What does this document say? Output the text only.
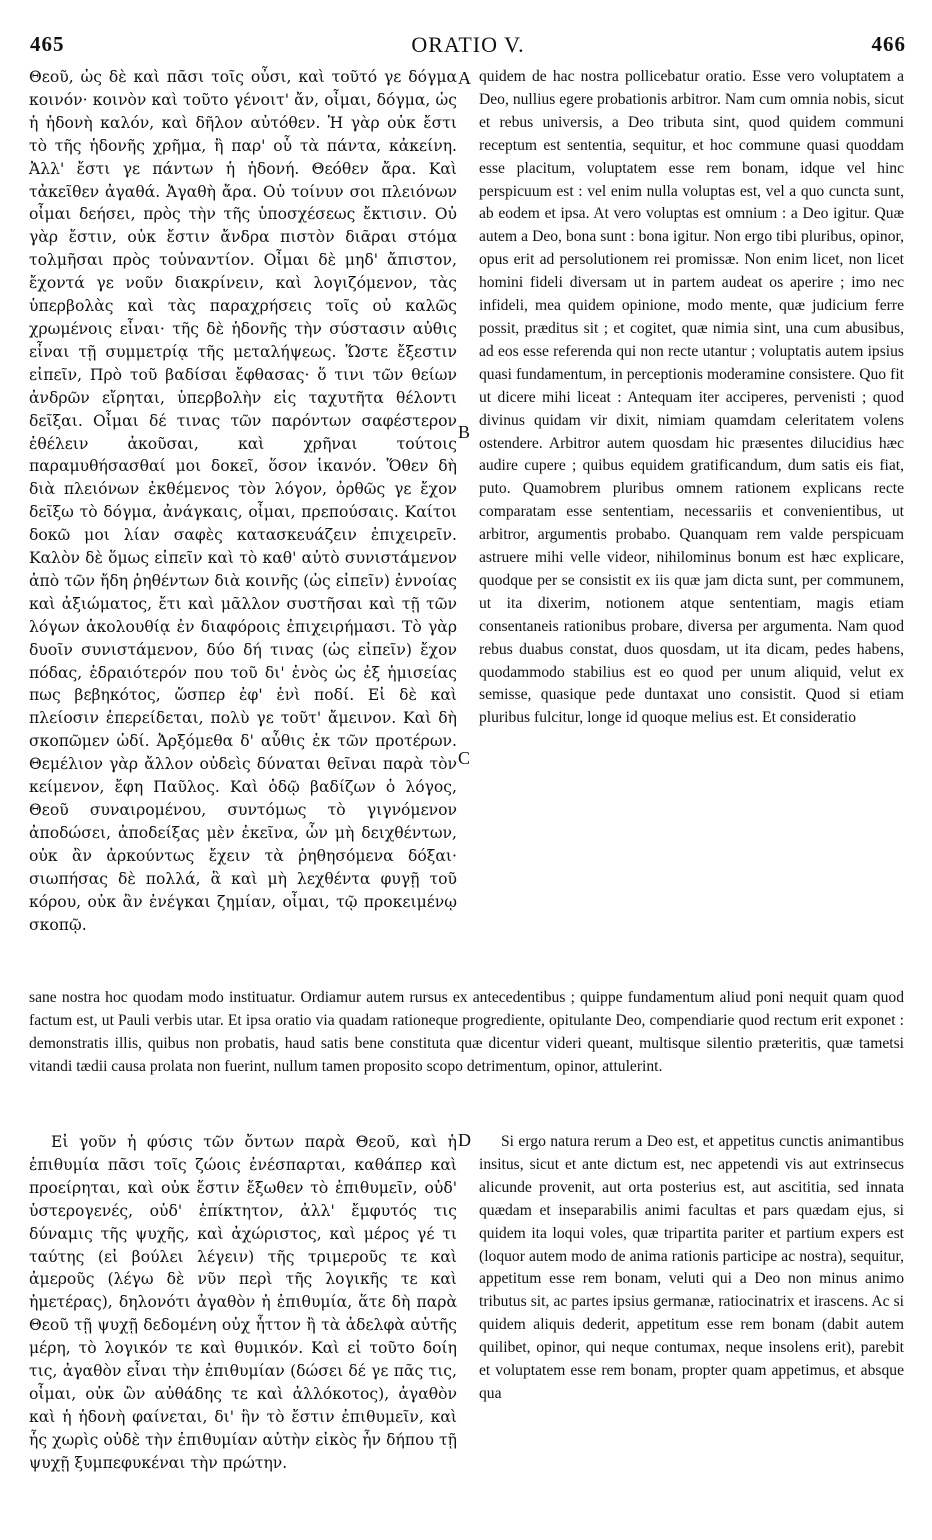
465	ORATIO V.	466

Θεοῦ, ὡς δὲ καὶ πᾶσι τοῖς οὖσι, καὶ τοῦτό γε δόγμα κοινόν· κοινὸν καὶ τοῦτο γένοιτ' ἄν, οἶμαι, δόγμα, ὡς ἡ ἡδονὴ καλόν, καὶ δῆλον αὐτόθεν. Ἡ γὰρ οὐκ ἔστι τὸ τῆς ἡδονῆς χρῆμα, ἢ παρ' οὗ τὰ πάντα, κἀκείνη. Ἀλλ' ἔστι γε πάντων ἡ ἡδονή. Θεόθεν ἄρα. Καὶ τἀκεῖθεν ἀγαθά. Ἀγαθὴ ἄρα. Οὐ τοίνυν σοι πλειόνων οἶμαι δεήσει, πρὸς τὴν τῆς ὑποσχέσεως ἔκτισιν. Οὐ γὰρ ἔστιν, οὐκ ἔστιν ἄνδρα πιστὸν διᾶραι στόμα τολμῆσαι πρὸς τοὐναντίον. Οἶμαι δὲ μηδ' ἄπιστον, ἔχοντά γε νοῦν διακρίνειν, καὶ λογιζόμενον, τὰς ὑπερβολὰς καὶ τὰς παραχρήσεις τοῖς οὐ καλῶς χρωμένοις εἶναι· τῆς δὲ ἡδονῆς τὴν σύστασιν αὐθις εἶναι τῇ συμμετρίᾳ τῆς μεταλήψεως. Ὥστε ἔξεστιν εἰπεῖν, Πρὸ τοῦ βαδίσαι ἔφθασας· ὅ τινι τῶν θείων ἀνδρῶν εἴρηται, ὑπερβολὴν εἰς ταχυτῆτα θέλοντι δεῖξαι. Οἶμαι δέ τινας τῶν παρόντων σαφέστερον ἐθέλειν ἀκοῦσαι, καὶ χρῆναι τούτοις παραμυθήσασθαί μοι δοκεῖ, ὅσον ἱκανόν. Ὅθεν δὴ διὰ πλειόνων ἐκθέμενος τὸν λόγον, ὀρθῶς γε ἔχον δεῖξω τὸ δόγμα, ἀνάγκαις, οἶμαι, πρεπούσαις. Καίτοι δοκῶ μοι λίαν σαφὲς κατασκευάζειν ἐπιχειρεῖν. Καλὸν δὲ ὅμως εἰπεῖν καὶ τὸ καθ' αὐτὸ συνιστάμενον ἀπὸ τῶν ἤδη ῥηθέντων διὰ κοινῆς (ὡς εἰπεῖν) ἐννοίας καὶ ἀξιώματος, ἔτι καὶ μᾶλλον συστῆσαι καὶ τῇ τῶν λόγων ἀκολουθίᾳ ἐν διαφόροις ἐπιχειρήμασι. Τὸ γὰρ δυοῖν συνιστάμενον, δύο δή τινας (ὡς εἰπεῖν) ἔχον πόδας, ἑδραιότερόν που τοῦ δι' ἑνὸς ὡς ἐξ ἡμισείας πως βεβηκότος, ὥσπερ ἐφ' ἑνὶ ποδί. Εἰ δὲ καὶ πλείοσιν ἐπερείδεται, πολὺ γε τοῦτ' ἄμεινον. Καὶ δὴ σκοπῶμεν ὡδί. Ἀρξόμεθα δ' αὖθις ἐκ τῶν προτέρων. Θεμέλιον γὰρ ἄλλον οὐδεὶς δύναται θεῖναι παρὰ τὸν κείμενον, ἔφη Παῦλος. Καὶ ὁδῷ βαδίζων ὁ λόγος, Θεοῦ συναιρομένου, συντόμως τὸ γιγνόμενον ἀποδώσει, ἀποδείξας μὲν ἐκεῖνα, ὧν μὴ δειχθέντων, οὐκ ἂν ἀρκούντως ἔχειν τὰ ῥηθησόμενα δόξαι· σιωπήσας δὲ πολλά, ἃ καὶ μὴ λεχθέντα φυγῇ τοῦ κόρου, οὐκ ἂν ἐνέγκαι ζημίαν, οἶμαι, τῷ προκειμένῳ σκοπῷ.

A
B
C
D

quidem de hac nostra pollicebatur oratio. Esse vero voluptatem a Deo, nullius egere probationis arbitror. Nam cum omnia nobis, sicut et rebus universis, a Deo tributa sint, quod quidem communi receptum est sententia, sequitur, et hoc commune quasi quoddam esse placitum, voluptatem esse rem bonam, idque vel hinc perspicuum est : vel enim nulla voluptas est, vel a quo cuncta sunt, ab eodem et ipsa. At vero voluptas est omnium : a Deo igitur. Quæ autem a Deo, bona sunt : bona igitur. Non ergo tibi pluribus, opinor, opus erit ad persolutionem rei promissæ. Non enim licet, non licet homini fideli diversam ut in partem audeat os aperire ; imo nec infideli, mea quidem opinione, modo mente, quæ judicium ferre possit, præditus sit ; et cogitet, quæ nimia sint, una cum abusibus, ad eos esse referenda qui non recte utantur ; voluptatis autem ipsius quasi fundamentum, in perceptionis moderamine consistere. Quo fit ut dicere mihi liceat : Antequam iter acciperes, pervenisti ; quod divinus quidam vir dixit, nimiam quamdam celeritatem volens ostendere. Arbitror autem quosdam hic præsentes dilucidius hæc audire cupere ; quibus equidem gratificandum, dum satis eis fiat, puto. Quamobrem pluribus omnem rationem explicans recte comparatam esse sententiam, necessariis et convenientibus, ut arbitror, argumentis probabo. Quanquam rem valde perspicuam astruere mihi velle videor, nihilominus bonum est hæc explicare, quodque per se consistit ex iis quæ jam dicta sunt, per communem, ut ita dixerim, notionem atque sententiam, magis etiam consentaneis rationibus probare, diversa per argumenta. Nam quod rebus duabus constat, duos quosdam, ut ita dicam, pedes habens, quodammodo stabilius est eo quod per unum aliquid, velut ex semisse, quasique pede duntaxat uno consistit. Quod si etiam pluribus fulcitur, longe id quoque melius est. Et consideratio

sane nostra hoc quodam modo instituatur. Ordiamur autem rursus ex antecedentibus ; quippe fundamentum aliud poni nequit quam quod factum est, ut Pauli verbis utar. Et ipsa oratio via quadam rationeque progrediente, opitulante Deo, compendiarie quod rectum erit exponet : demonstratis illis, quibus non probatis, haud satis bene constituta quæ dicentur videri queant, multisque silentio præteritis, quæ tametsi vitandi tædii causa prolata non fuerint, nullum tamen proposito scopo detrimentum, opinor, attulerint.

Εἰ γοῦν ἡ φύσις τῶν ὄντων παρὰ Θεοῦ, καὶ ἡ ἐπιθυμία πᾶσι τοῖς ζώοις ἐνέσπαρται, καθάπερ καὶ προείρηται, καὶ οὐκ ἔστιν ἔξωθεν τὸ ἐπιθυμεῖν, οὐδ' ὑστερογενές, οὐδ' ἐπίκτητον, ἀλλ' ἔμφυτός τις δύναμις τῆς ψυχῆς, καὶ ἀχώριστος, καὶ μέρος γέ τι ταύτης (εἰ βούλει λέγειν) τῆς τριμεροῦς τε καὶ ἀμεροῦς (λέγω δὲ νῦν περὶ τῆς λογικῆς τε καὶ ἡμετέρας), δηλονότι ἀγαθὸν ἡ ἐπιθυμία, ἅτε δὴ παρὰ Θεοῦ τῇ ψυχῇ δεδομένη οὐχ ἧττον ἢ τὰ ἀδελφὰ αὐτῆς μέρη, τὸ λογικόν τε καὶ θυμικόν. Καὶ εἰ τοῦτο δοίη τις, ἀγαθὸν εἶναι τὴν ἐπιθυμίαν (δώσει δέ γε πᾶς τις, οἶμαι, οὐκ ὢν αὐθάδης τε καὶ ἀλλόκοτος), ἀγαθὸν καὶ ἡ ἡδονὴ φαίνεται, δι' ἣν τὸ ἔστιν ἐπιθυμεῖν, καὶ ἧς χωρὶς οὐδὲ τὴν ἐπιθυμίαν αὐτὴν εἰκὸς ἦν δήπου τῇ ψυχῇ ξυμπεφυκέναι τὴν πρώτην.

Si ergo natura rerum a Deo est, et appetitus cunctis animantibus insitus, sicut et ante dictum est, nec appetendi vis aut extrinsecus alicunde provenit, aut orta posterius est, aut ascititia, sed innata quædam et inseparabilis animi facultas et pars quædam ejus, si quidem ita loqui voles, quæ tripartita pariter et partium expers est (loquor autem modo de anima rationis participe ac nostra), sequitur, appetitum esse rem bonam, veluti qui a Deo non minus animo tributus sit, ac partes ipsius germanæ, ratiocinatrix et irascens. Ac si quidem aliquis dederit, appetitum esse rem bonam (dabit autem quilibet, opinor, qui neque contumax, neque insolens erit), parebit et voluptatem esse rem bonam, propter quam appetimus, et absque qua
